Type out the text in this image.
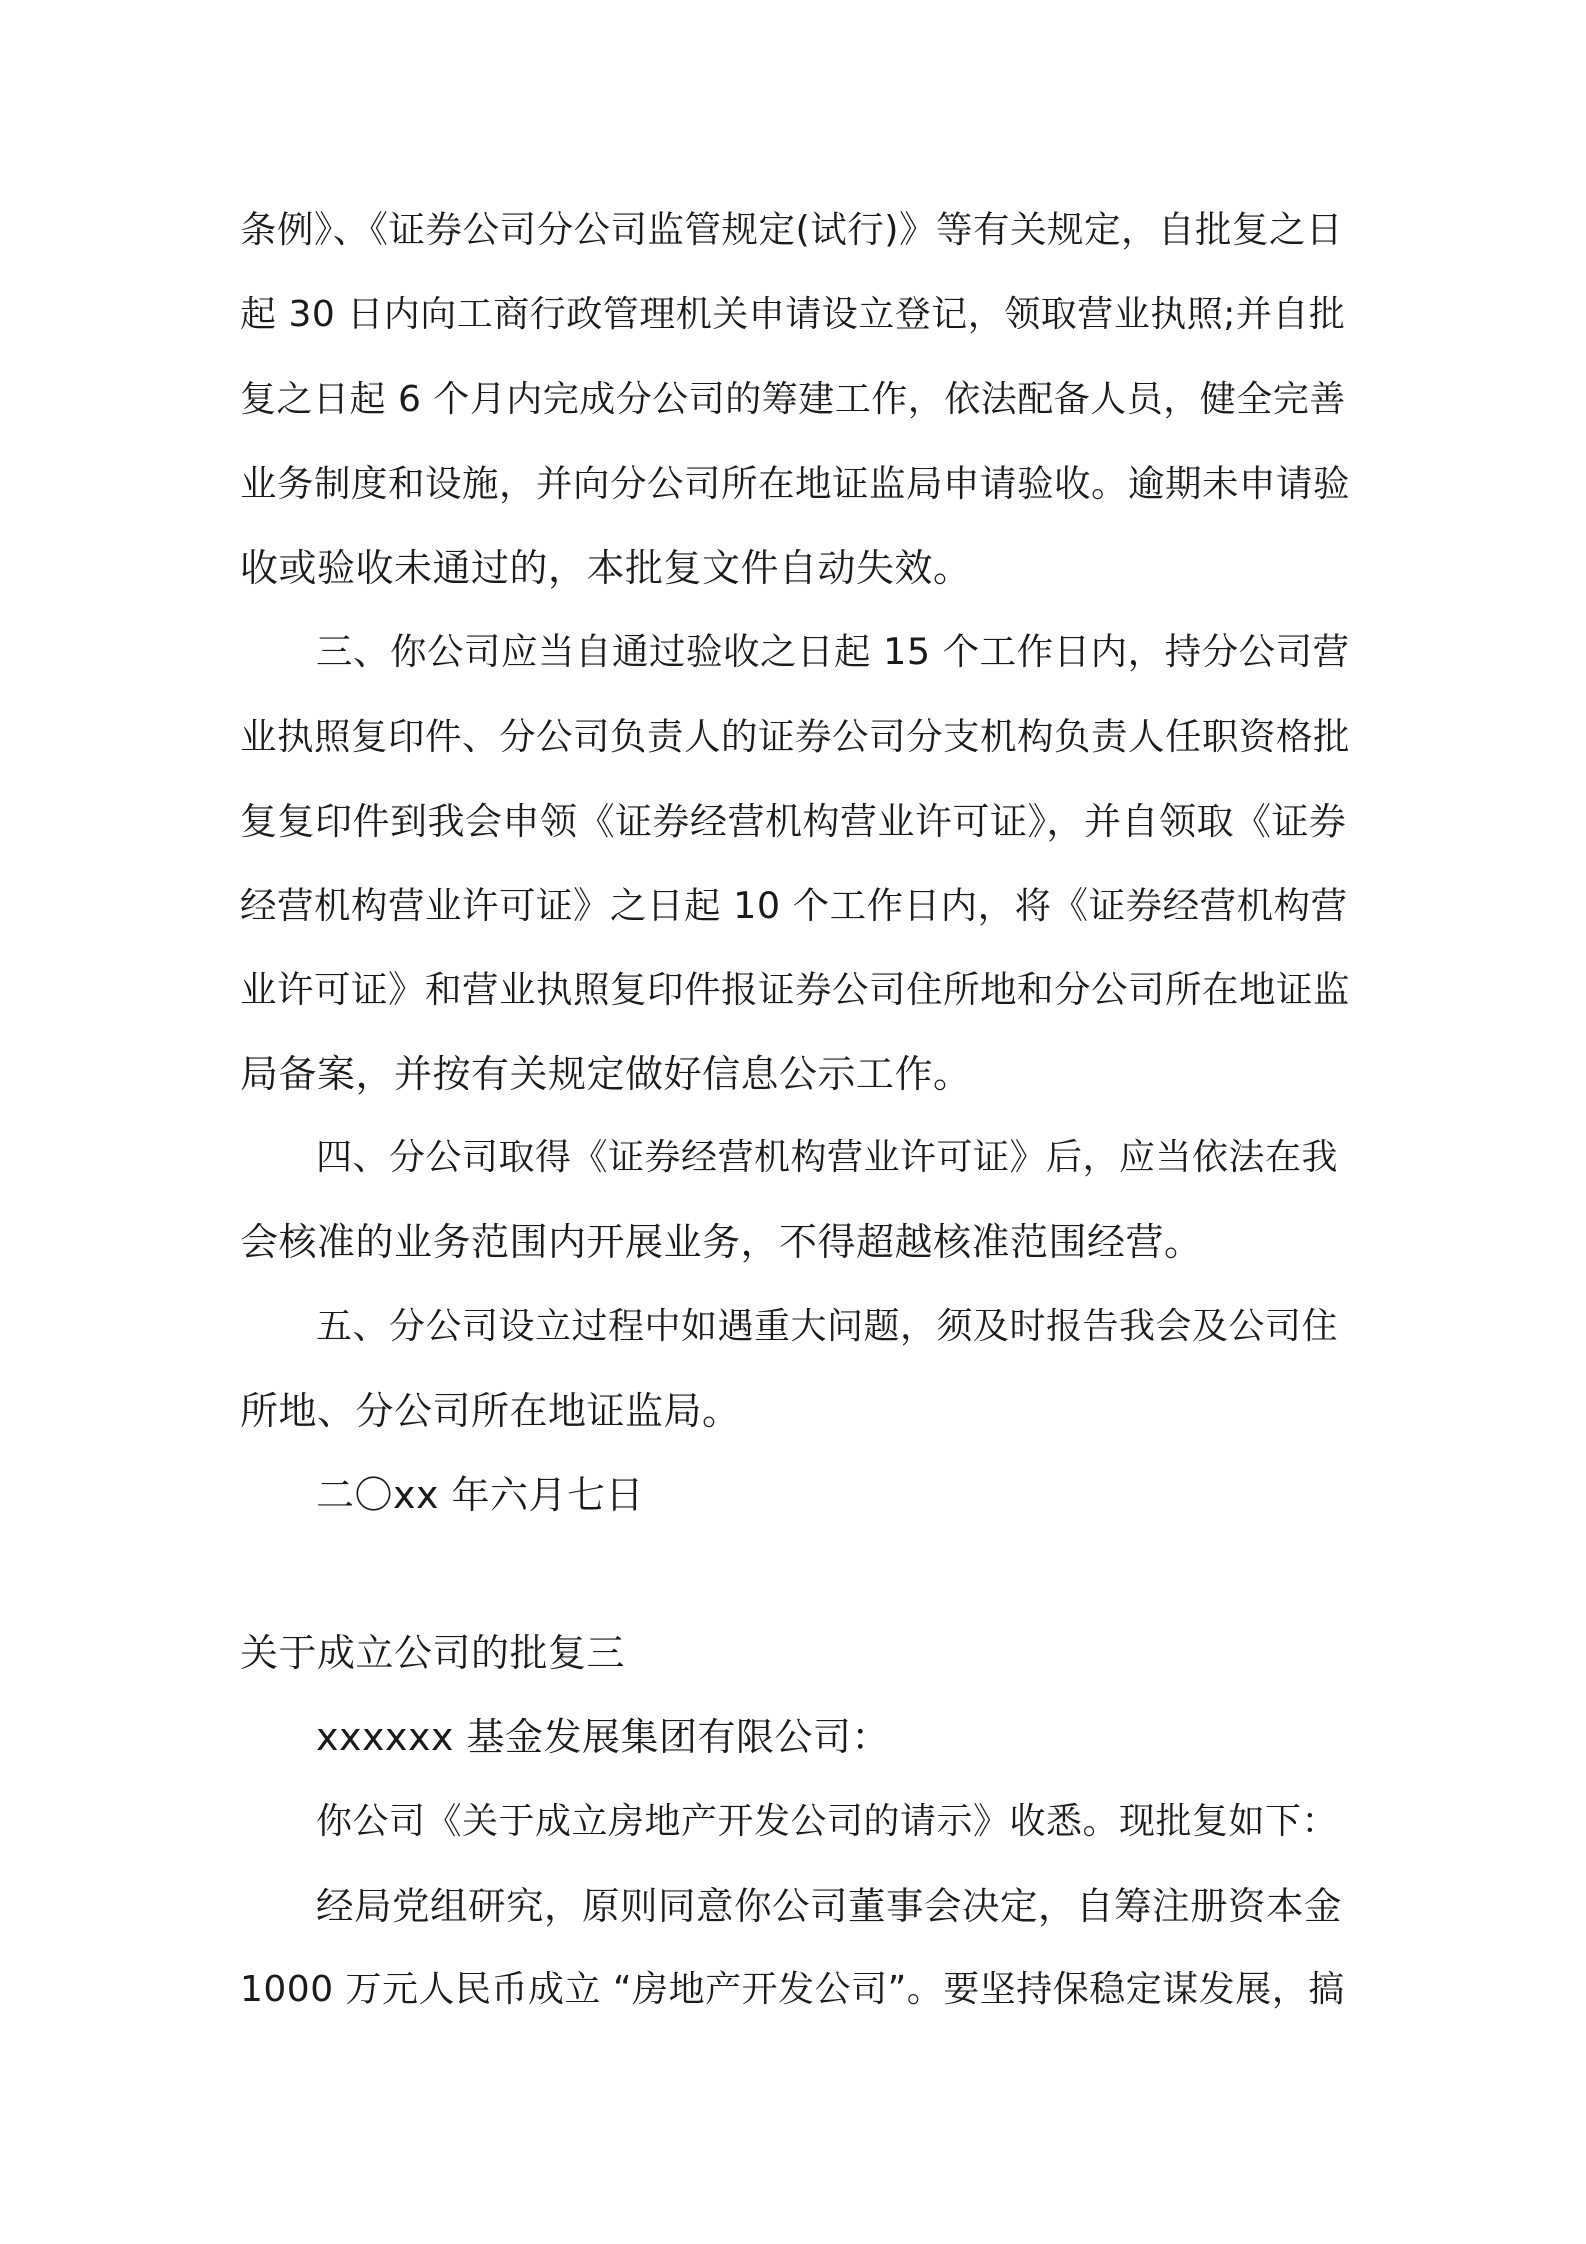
条例》、《证券公司分公司监管规定(试行)》等有关规定，自批复之日

起 30 日内向工商行政管理机关申请设立登记，领取营业执照;并自批

复之日起 6 个月内完成分公司的筹建工作，依法配备人员，健全完善

业务制度和设施，并向分公司所在地证监局申请验收。逾期未申请验

收或验收未通过的，本批复文件自动失效。

三、你公司应当自通过验收之日起 15 个工作日内，持分公司营

业执照复印件、分公司负责人的证券公司分支机构负责人任职资格批

复复印件到我会申领《证券经营机构营业许可证》，并自领取《证券

经营机构营业许可证》之日起 10 个工作日内，将《证券经营机构营

业许可证》和营业执照复印件报证券公司住所地和分公司所在地证监

局备案，并按有关规定做好信息公示工作。

四、分公司取得《证券经营机构营业许可证》后，应当依法在我

会核准的业务范围内开展业务，不得超越核准范围经营。

五、分公司设立过程中如遇重大问题，须及时报告我会及公司住

所地、分公司所在地证监局。

二〇xx 年六月七日

关于成立公司的批复三

xxxxxx 基金发展集团有限公司：

你公司《关于成立房地产开发公司的请示》收悉。现批复如下：

经局党组研究，原则同意你公司董事会决定，自筹注册资本金

1000 万元人民币成立 “房地产开发公司”。要坚持保稳定谋发展，搞
